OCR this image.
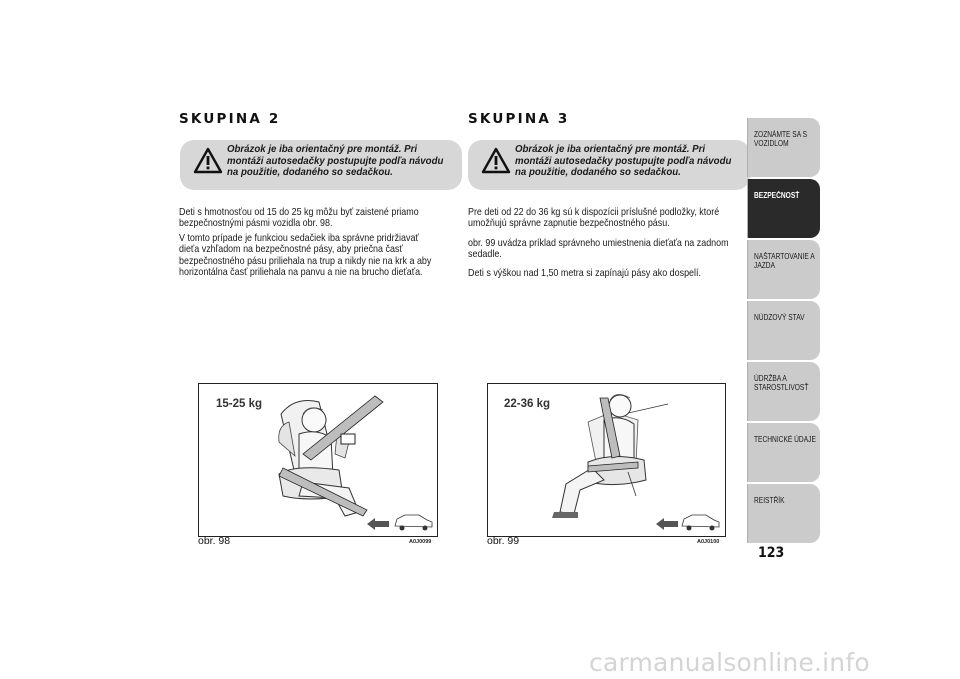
SKUPINA 2
Obrázok je iba orientačný pre montáž. Pri montáži autosedačky postupujte podľa návodu na použitie, dodaného so sedačkou.

Deti s hmotnosťou od 15 do 25 kg môžu byť zaistené priamo bezpečnostnými pásmi vozidla obr. 98.

V tomto prípade je funkciou sedačiek iba správne pridržiavať dieťa vzhľadom na bezpečnostné pásy, aby priečna časť bezpečnostného pásu priliehala na trup a nikdy nie na krk a aby horizontálna časť priliehala na panvu a nie na brucho dieťaťa.

15-25 kg
obr. 98	A0J0099
SKUPINA 3
Obrázok je iba orientačný pre montáž. Pri montáži autosedačky postupujte podľa návodu na použitie, dodaného so sedačkou.

Pre deti od 22 do 36 kg sú k dispozícii príslušné podložky, ktoré umožňujú správne zapnutie bezpečnostného pásu.

obr. 99 uvádza príklad správneho umiestnenia dieťaťa na zadnom sedadle.

Deti s výškou nad 1,50 metra si zapínajú pásy ako dospelí.

22-36 kg
obr. 99	A0J0100
ZOZNÁMTE SA S VOZIDLOM
BEZPEČNOSŤ
NAŠTARTOVANIE A JAZDA
NÚDZOVÝ STAV
ÚDRŽBA A STAROSTLIVOSŤ
TECHNICKÉ ÚDAJE
REISTŘÍK
123
carmanualsonline.info
